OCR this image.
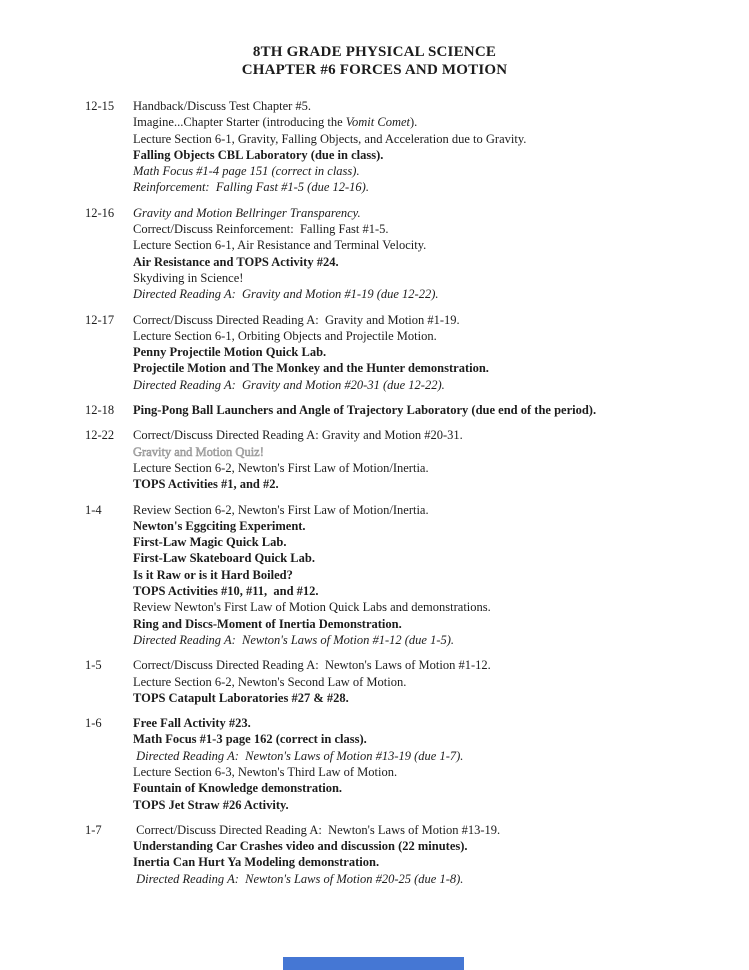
8TH GRADE PHYSICAL SCIENCE
CHAPTER #6 FORCES AND MOTION
12-15	Handback/Discuss Test Chapter #5.
Imagine...Chapter Starter (introducing the Vomit Comet).
Lecture Section 6-1, Gravity, Falling Objects, and Acceleration due to Gravity.
Falling Objects CBL Laboratory (due in class).
Math Focus #1-4 page 151 (correct in class).
Reinforcement:  Falling Fast #1-5 (due 12-16).
12-16	Gravity and Motion Bellringer Transparency.
Correct/Discuss Reinforcement:  Falling Fast #1-5.
Lecture Section 6-1, Air Resistance and Terminal Velocity.
Air Resistance and TOPS Activity #24.
Skydiving in Science!
Directed Reading A:  Gravity and Motion #1-19 (due 12-22).
12-17	Correct/Discuss Directed Reading A:  Gravity and Motion #1-19.
Lecture Section 6-1, Orbiting Objects and Projectile Motion.
Penny Projectile Motion Quick Lab.
Projectile Motion and The Monkey and the Hunter demonstration.
Directed Reading A:  Gravity and Motion #20-31 (due 12-22).
12-18	Ping-Pong Ball Launchers and Angle of Trajectory Laboratory (due end of the period).
12-22	Correct/Discuss Directed Reading A: Gravity and Motion #20-31.
Gravity and Motion Quiz!
Lecture Section 6-2, Newton's First Law of Motion/Inertia.
TOPS Activities #1, and #2.
1-4	Review Section 6-2, Newton's First Law of Motion/Inertia.
Newton's Eggciting Experiment.
First-Law Magic Quick Lab.
First-Law Skateboard Quick Lab.
Is it Raw or is it Hard Boiled?
TOPS Activities #10, #11,  and #12.
Review Newton's First Law of Motion Quick Labs and demonstrations.
Ring and Discs-Moment of Inertia Demonstration.
Directed Reading A:  Newton's Laws of Motion #1-12 (due 1-5).
1-5	Correct/Discuss Directed Reading A:  Newton's Laws of Motion #1-12.
Lecture Section 6-2, Newton's Second Law of Motion.
TOPS Catapult Laboratories #27 & #28.
1-6	Free Fall Activity #23.
Math Focus #1-3 page 162 (correct in class).
Directed Reading A:  Newton's Laws of Motion #13-19 (due 1-7).
Lecture Section 6-3, Newton's Third Law of Motion.
Fountain of Knowledge demonstration.
TOPS Jet Straw #26 Activity.
1-7	Correct/Discuss Directed Reading A:  Newton's Laws of Motion #13-19.
Understanding Car Crashes video and discussion (22 minutes).
Inertia Can Hurt Ya Modeling demonstration.
Directed Reading A:  Newton's Laws of Motion #20-25 (due 1-8).
